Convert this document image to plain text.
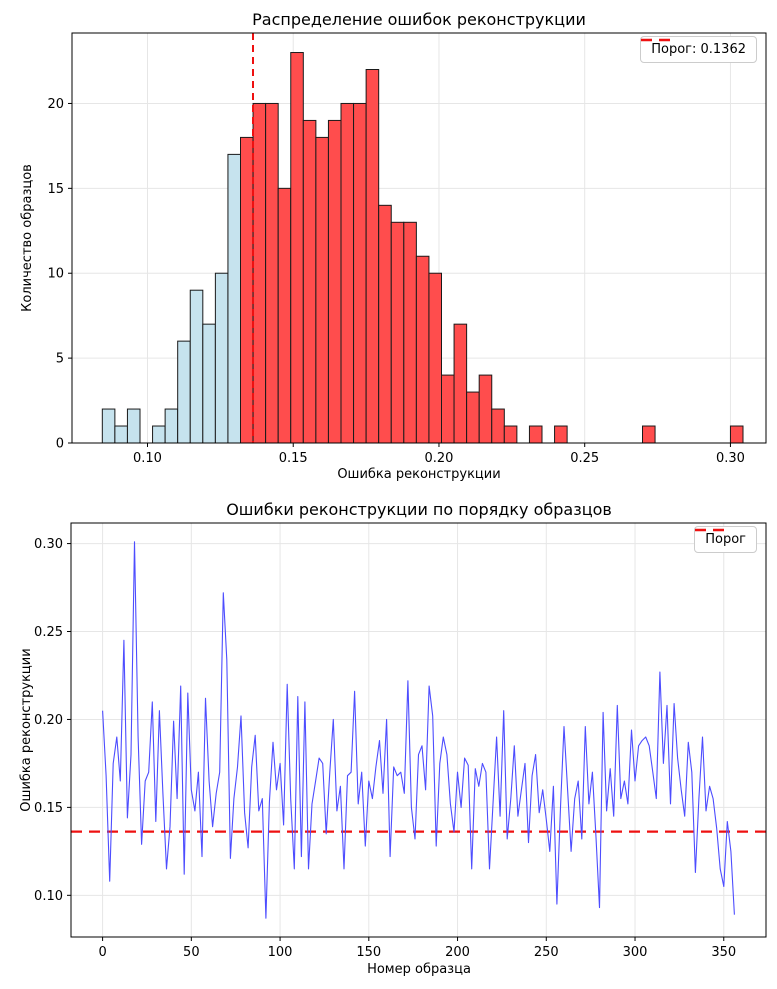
0.10	0.15	0.20	0.25	0.30
0
5
10
15
20
0	50	100	150	200	250	300	350
0.10
0.15
0.20
0.25
0.30
Распределение ошибок реконструкции
Ошибка реконструкции
Количество образцов
Порог: 0.1362
Ошибки реконструкции по порядку образцов
Номер образца
Ошибка реконструкции
Порог
